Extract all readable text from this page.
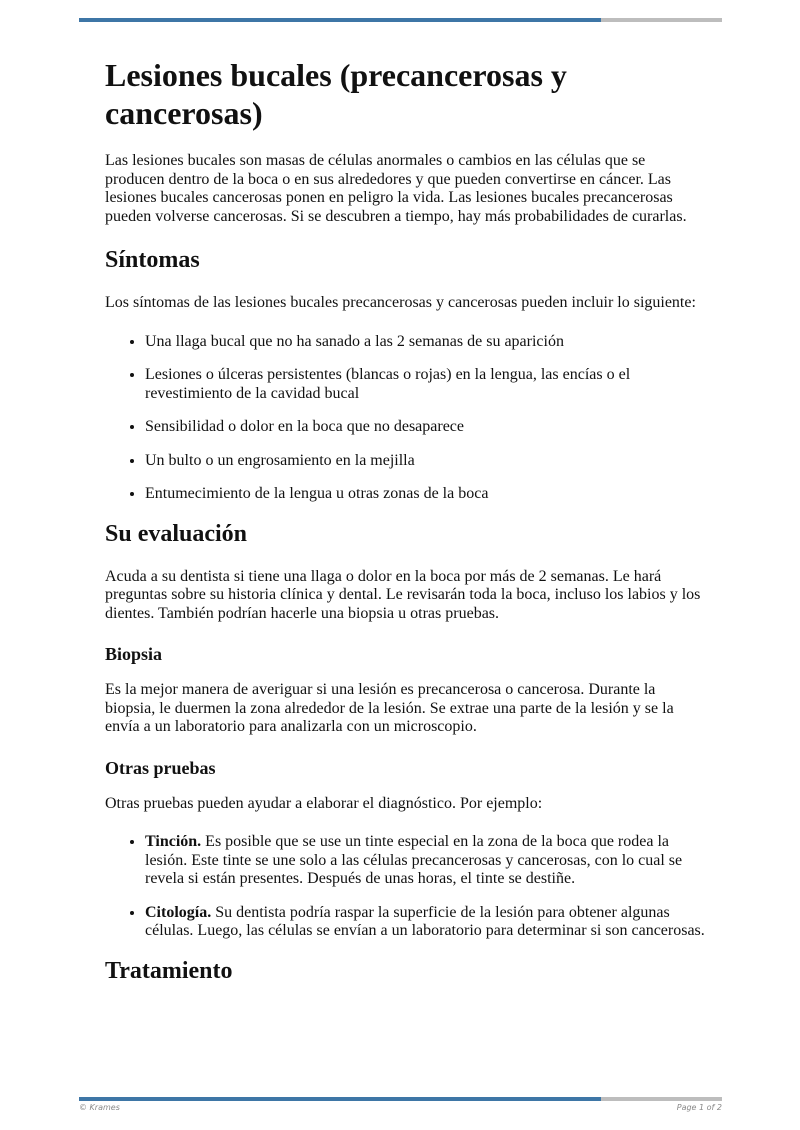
Lesiones bucales (precancerosas y cancerosas)

Las lesiones bucales son masas de células anormales o cambios en las células que se producen dentro de la boca o en sus alrededores y que pueden convertirse en cáncer. Las lesiones bucales cancerosas ponen en peligro la vida. Las lesiones bucales precancerosas pueden volverse cancerosas. Si se descubren a tiempo, hay más probabilidades de curarlas.

Síntomas

Los síntomas de las lesiones bucales precancerosas y cancerosas pueden incluir lo siguiente:

• Una llaga bucal que no ha sanado a las 2 semanas de su aparición
• Lesiones o úlceras persistentes (blancas o rojas) en la lengua, las encías o el revestimiento de la cavidad bucal
• Sensibilidad o dolor en la boca que no desaparece
• Un bulto o un engrosamiento en la mejilla
• Entumecimiento de la lengua u otras zonas de la boca
Su evaluación

Acuda a su dentista si tiene una llaga o dolor en la boca por más de 2 semanas. Le hará preguntas sobre su historia clínica y dental. Le revisarán toda la boca, incluso los labios y los dientes. También podrían hacerle una biopsia u otras pruebas.

Biopsia

Es la mejor manera de averiguar si una lesión es precancerosa o cancerosa. Durante la biopsia, le duermen la zona alrededor de la lesión. Se extrae una parte de la lesión y se la envía a un laboratorio para analizarla con un microscopio.

Otras pruebas

Otras pruebas pueden ayudar a elaborar el diagnóstico. Por ejemplo:

• Tinción. Es posible que se use un tinte especial en la zona de la boca que rodea la lesión. Este tinte se une solo a las células precancerosas y cancerosas, con lo cual se revela si están presentes. Después de unas horas, el tinte se destiñe.
• Citología. Su dentista podría raspar la superficie de la lesión para obtener algunas células. Luego, las células se envían a un laboratorio para determinar si son cancerosas.
Tratamiento
© Krames	Page 1 of 2
